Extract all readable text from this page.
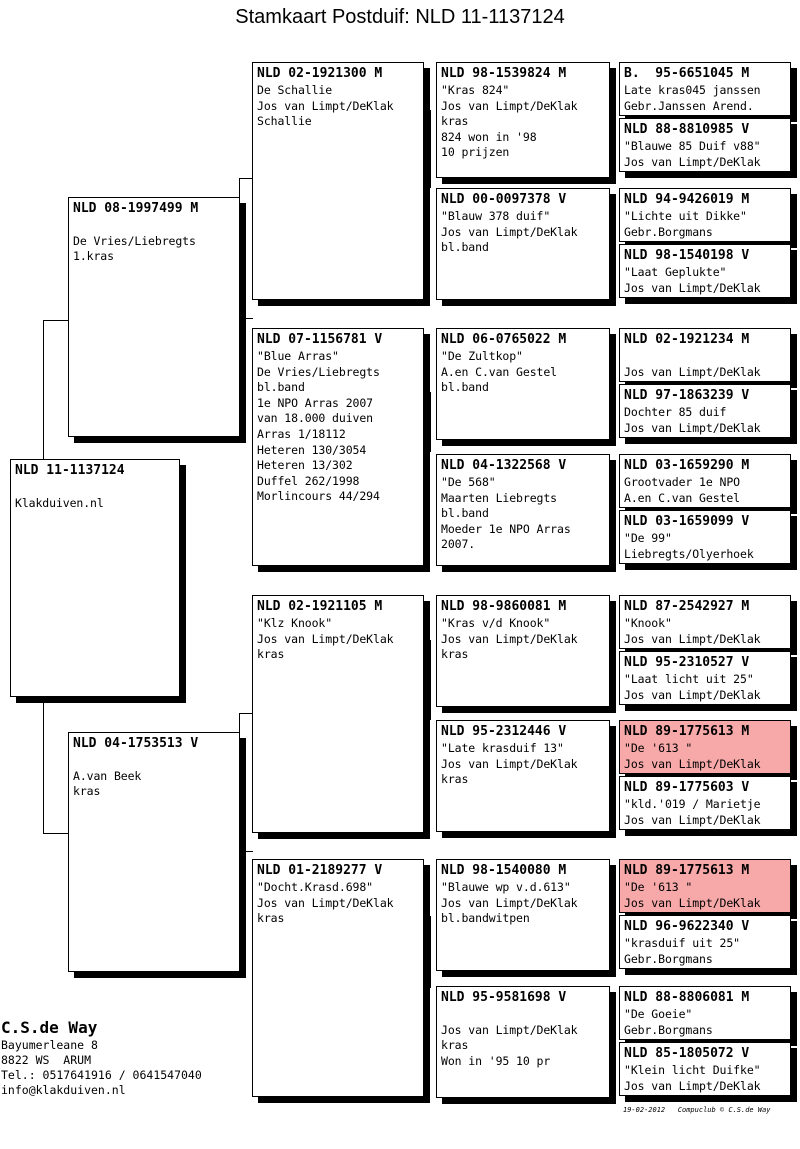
Stamkaart Postduif: NLD 11-1137124
NLD 11-1137124
Klakduiven.nl
NLD 08-1997499 M
De Vries/Liebregts
1.kras
NLD 04-1753513 V
A.van Beek
kras
NLD 02-1921300 M
De Schallie
Jos van Limpt/DeKlak
Schallie
NLD 07-1156781 V
"Blue Arras"
De Vries/Liebregts
bl.band
1e NPO Arras 2007
van 18.000 duiven
Arras 1/18112
Heteren 130/3054
Heteren 13/302
Duffel 262/1998
Morlincours 44/294
NLD 02-1921105 M
"Klz Knook"
Jos van Limpt/DeKlak
kras
NLD 01-2189277 V
"Docht.Krasd.698"
Jos van Limpt/DeKlak
kras
NLD 98-1539824 M
"Kras 824"
Jos van Limpt/DeKlak
kras
824 won in '98
10 prijzen
NLD 00-0097378 V
"Blauw 378 duif"
Jos van Limpt/DeKlak
bl.band
NLD 06-0765022 M
"De Zultkop"
A.en C.van Gestel
bl.band
NLD 04-1322568 V
"De 568"
Maarten Liebregts
bl.band
Moeder 1e NPO Arras
2007.
NLD 98-9860081 M
"Kras v/d Knook"
Jos van Limpt/DeKlak
kras
NLD 95-2312446 V
"Late krasduif 13"
Jos van Limpt/DeKlak
kras
NLD 98-1540080 M
"Blauwe wp v.d.613"
Jos van Limpt/DeKlak
bl.bandwitpen
NLD 95-9581698 V
Jos van Limpt/DeKlak
kras
Won in '95 10 pr
B.  95-6651045 M
Late kras045 janssen
Gebr.Janssen Arend.
NLD 88-8810985 V
"Blauwe 85 Duif v88"
Jos van Limpt/DeKlak
NLD 94-9426019 M
"Lichte uit Dikke"
Gebr.Borgmans
NLD 98-1540198 V
"Laat Geplukte"
Jos van Limpt/DeKlak
NLD 02-1921234 M
Jos van Limpt/DeKlak
NLD 97-1863239 V
Dochter 85 duif
Jos van Limpt/DeKlak
NLD 03-1659290 M
Grootvader 1e NPO
A.en C.van Gestel
NLD 03-1659099 V
"De 99"
Liebregts/Olyerhoek
NLD 87-2542927 M
"Knook"
Jos van Limpt/DeKlak
NLD 95-2310527 V
"Laat licht uit 25"
Jos van Limpt/DeKlak
NLD 89-1775613 M
"De '613 "
Jos van Limpt/DeKlak
NLD 89-1775603 V
"kld.'019 / Marietje
Jos van Limpt/DeKlak
NLD 89-1775613 M
"De '613 "
Jos van Limpt/DeKlak
NLD 96-9622340 V
"krasduif uit 25"
Gebr.Borgmans
NLD 88-8806081 M
"De Goeie"
Gebr.Borgmans
NLD 85-1805072 V
"Klein licht Duifke"
Jos van Limpt/DeKlak
C.S.de Way
Bayumerleane 8
8822 WS  ARUM
Tel.: 0517641916 / 0641547040
info@klakduiven.nl
19-02-2012   Compuclub © C.S.de Way
